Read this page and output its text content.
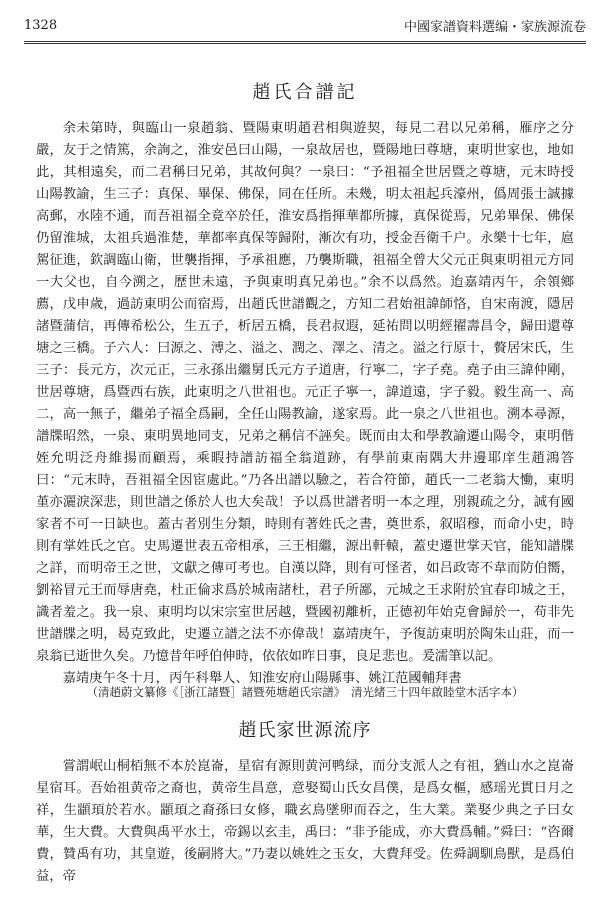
1328	中國家譜資料選编・家族源流卷
趙氏合譜記

余未第時，與臨山一泉趙翁、暨陽東明趙君相與遊契，每見二君以兄弟稱，雁序之分嚴，友于之情篤，余詢之，淮安邑曰山陽，一泉故居也，暨陽地曰尊塘，東明世家也，地如此，其相遠矣，而二君稱曰兄弟，其故何與？一泉曰：“予祖福全世居暨之尊塘，元末時授山陽教諭，生三子：真保、畢保、佛保，同在任所。未幾，明太祖起兵濠州，僞周張士誠據高郵，水陸不通，而吾祖福全竟卒於任，淮安爲指揮華都所據，真保從焉，兄弟畢保、佛保仍留淮城，太祖兵過淮楚，華都率真保等歸附，漸次有功，授金吾衛千户。永樂十七年，扈駕征進，欽調臨山衛，世襲指揮，予承祖應，乃襲斯職，祖福全曾大父元正與東明祖元方同一大父也，自今溯之，歷世未遠，予與東明真兄弟也。”余不以爲然。迨嘉靖丙午，余領鄉薦，戊申歲，過訪東明公而宿焉，出趙氏世譜觀之，方知二君始祖諱師恪，自宋南渡，隱居諸暨蒲信，再傳希松公，生五子，析居五橋，長君叔遐，延祐問以明經擢壽昌令，歸田還尊塘之三橋。子六人：曰源之、溥之、溢之、潤之、澤之、清之。溢之行原十，贅居宋氏，生三子：長元方，次元正，三永孫出繼舅氏元方子道唐，行寧二，字子堯。堯子由三諱仲剛，世居尊塘，爲暨西右族，此東明之八世祖也。元正子寧一，諱道遠，字子毅。毅生高一、高二，高一無子，繼弟子福全爲嗣，全任山陽教諭，遂家焉。此一泉之八世祖也。溯本尋源，譜牒昭然，一泉、東明異地同支，兄弟之稱信不誣矣。既而由太和學教諭遷山陽令，東明偕姪允明泛舟維揚而顧焉，乘暇持譜訪福全翁道跡，有學前東南隅大井邊耶庠生趙鴻答曰：“元末時，吾祖福全因宦處此。”乃各出譜以驗之，若合符節，趙氏一二老翁大慟，東明堇亦灑淚深悲，則世譜之係於人也大矣哉！予以爲世譜者明一本之理，別親疏之分，誠有國家者不可一日缺也。蓋古者別生分類，時則有著姓氏之書，奠世系，叙昭穆，而命小史，時則有掌姓氏之官。史馬遷世表五帝相承，三王相繼，源出軒轅，蓋史遷世掌天官，能知譜牒之詳，而明帝王之世，文獻之傳可考也。自漢以降，則有可怪者，如吕政寄不韋而防伯嚮，劉裕冒元王而辱唐堯，杜正倫求爲於城南諸杜，君子所鄙，元城之王求附於宜春印城之王，識者羞之。我一泉、東明均以宋宗室世居越，暨國初離析，正德初年始克會歸於一，苟非先世譜牒之明，曷克致此，史遷立譜之法不亦偉哉！嘉靖庚午，予復訪東明於陶朱山莊，而一泉翁已逝世久矣。乃憶昔年呼伯伸時，依依如昨日事，良足悲也。爰濡筆以記。

嘉靖庚午冬十月，丙午科舉人、知淮安府山陽縣事、姚江范國輔拜書

（清趙蔚文纂修《［浙江諸暨］諸暨苑塘趙氏宗譜》　清光緒三十四年啟睦堂木活字本）
趙氏家世源流序

嘗謂岷山桐栢無不本於崑崙，星宿有源則黄河鸭绿，而分支派人之有祖，猶山水之崑崙星宿耳。吾始祖黄帝之裔也，黄帝生昌意，意娶蜀山氏女昌僕，是爲女樞，感瑶光貫日月之祥，生顓頊於若水。顓頊之裔孫曰女修，職玄鳥墜卵而吞之，生大業。業娶少典之子曰女華，生大費。大費與禹平水土，帝錫以玄圭，禹曰：“非予能成，亦大費爲輔。”舜曰：“咨爾費，贊禹有功，其皇遊，後嗣將大。”乃妻以姚姓之玉女，大費拜受。佐舜調馴鳥獸，是爲伯益，帝
